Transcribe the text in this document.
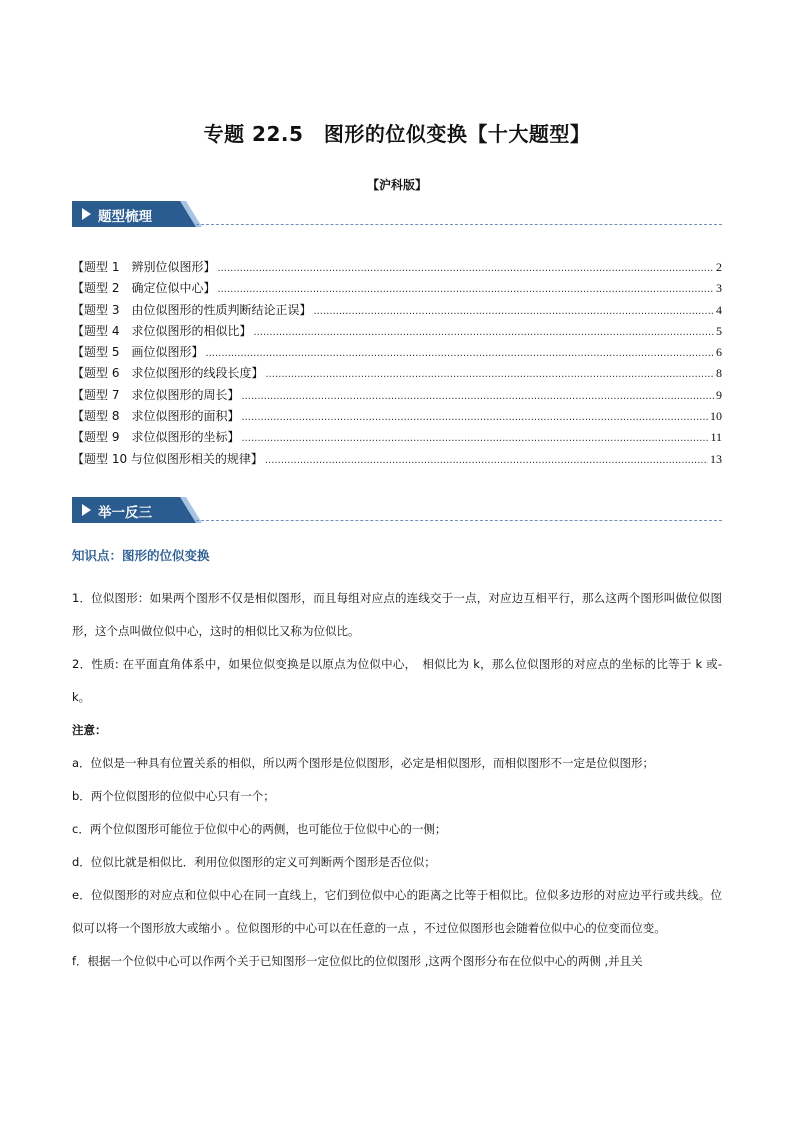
专题 22.5　图形的位似变换【十大题型】
【沪科版】
题型梳理
【题型 1　辨别位似图形】 .....	2
【题型 2　确定位似中心】 .....	3
【题型 3　由位似图形的性质判断结论正误】 .....	4
【题型 4　求位似图形的相似比】 .....	5
【题型 5　画位似图形】 .....	6
【题型 6　求位似图形的线段长度】 .....	8
【题型 7　求位似图形的周长】 .....	9
【题型 8　求位似图形的面积】 .....	10
【题型 9　求位似图形的坐标】 .....	11
【题型 10 与位似图形相关的规律】 .....	13
举一反三
知识点：图形的位似变换

1．位似图形：如果两个图形不仅是相似图形，而且每组对应点的连线交于一点，对应边互相平行，那么这两个图形叫做位似图形，这个点叫做位似中心，这时的相似比又称为位似比。

2．性质: 在平面直角体系中，如果位似变换是以原点为位似中心，　相似比为 k，那么位似图形的对应点的坐标的比等于 k 或-k。

注意：

a．位似是一种具有位置关系的相似，所以两个图形是位似图形，必定是相似图形，而相似图形不一定是位似图形；

b．两个位似图形的位似中心只有一个；

c．两个位似图形可能位于位似中心的两侧，也可能位于位似中心的一侧；

d．位似比就是相似比．利用位似图形的定义可判断两个图形是否位似；

e．位似图形的对应点和位似中心在同一直线上，它们到位似中心的距离之比等于相似比。位似多边形的对应边平行或共线。位似可以将一个图形放大或缩小 。位似图形的中心可以在任意的一点 ，不过位似图形也会随着位似中心的位变而位变。

f．根据一个位似中心可以作两个关于已知图形一定位似比的位似图形 ,这两个图形分布在位似中心的两侧 ,并且关
